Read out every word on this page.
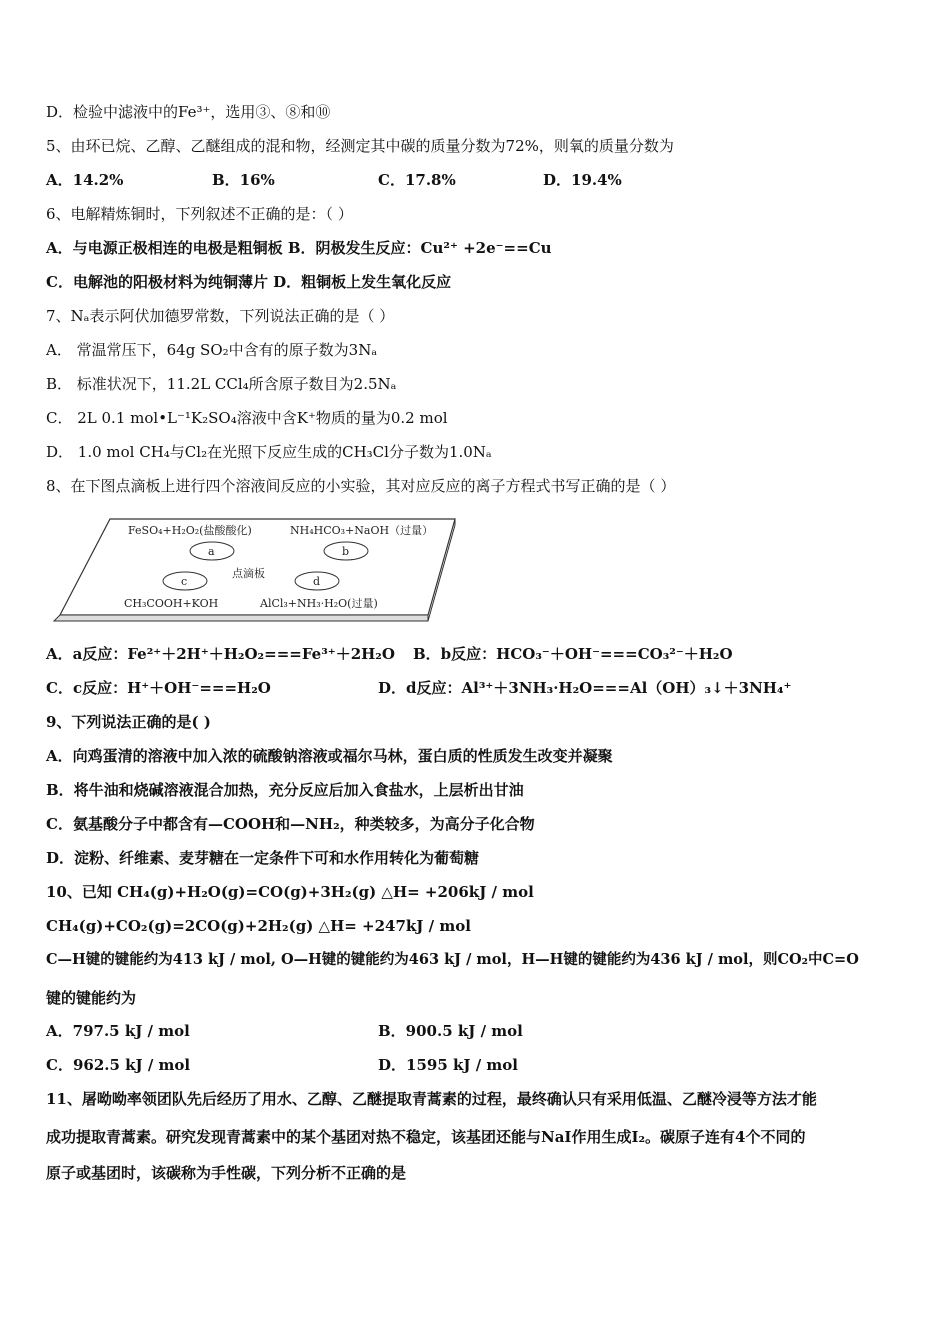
D．检验中滤液中的Fe³⁺，选用③、⑧和⑩
5、由环已烷、乙醇、乙醚组成的混和物，经测定其中碳的质量分数为72%，则氧的质量分数为
A．14.2%	B．16%	C．17.8%	D．19.4%
6、电解精炼铜时，下列叙述不正确的是：（ ）
A．与电源正极相连的电极是粗铜板 B．阴极发生反应：Cu²⁺ +2e⁻==Cu
C．电解池的阳极材料为纯铜薄片 D．粗铜板上发生氧化反应
7、Nₐ表示阿伏加德罗常数，下列说法正确的是（ ）
A． 常温常压下，64g SO₂中含有的原子数为3Nₐ
B． 标准状况下，11.2L CCl₄所含原子数目为2.5Nₐ
C． 2L 0.1 mol•L⁻¹K₂SO₄溶液中含K⁺物质的量为0.2 mol
D． 1.0 mol CH₄与Cl₂在光照下反应生成的CH₃Cl分子数为1.0Nₐ
8、在下图点滴板上进行四个溶液间反应的小实验，其对应反应的离子方程式书写正确的是（ ）
FeSO₄+H₂O₂(盐酸酸化)	NH₄HCO₃+NaOH（过量）
a	b
点滴板
c	d
CH₃COOH+KOH	AlCl₃+NH₃·H₂O(过量)
A．a反应：Fe²⁺＋2H⁺＋H₂O₂===Fe³⁺＋2H₂O B．b反应：HCO₃⁻＋OH⁻===CO₃²⁻＋H₂O
C．c反应：H⁺＋OH⁻===H₂O	D．d反应：Al³⁺＋3NH₃·H₂O===Al（OH）₃↓＋3NH₄⁺
9、下列说法正确的是( )
A．向鸡蛋清的溶液中加入浓的硫酸钠溶液或福尔马林，蛋白质的性质发生改变并凝聚
B．将牛油和烧碱溶液混合加热，充分反应后加入食盐水，上层析出甘油
C．氨基酸分子中都含有—COOH和—NH₂，种类较多，为高分子化合物
D．淀粉、纤维素、麦芽糖在一定条件下可和水作用转化为葡萄糖
10、已知 CH₄(g)+H₂O(g)=CO(g)+3H₂(g) △H= +206kJ / mol
CH₄(g)+CO₂(g)=2CO(g)+2H₂(g) △H= +247kJ / mol
C—H键的键能约为413 kJ / mol, O—H键的键能约为463 kJ / mol，H—H键的键能约为436 kJ / mol，则CO₂中C=O
键的键能约为
A．797.5 kJ / mol	B．900.5 kJ / mol
C．962.5 kJ / mol	D．1595 kJ / mol
11、屠呦呦率领团队先后经历了用水、乙醇、乙醚提取青蒿素的过程，最终确认只有采用低温、乙醚冷浸等方法才能
成功提取青蒿素。研究发现青蒿素中的某个基团对热不稳定，该基团还能与NaI作用生成I₂。碳原子连有4个不同的
原子或基团时，该碳称为手性碳，下列分析不正确的是
